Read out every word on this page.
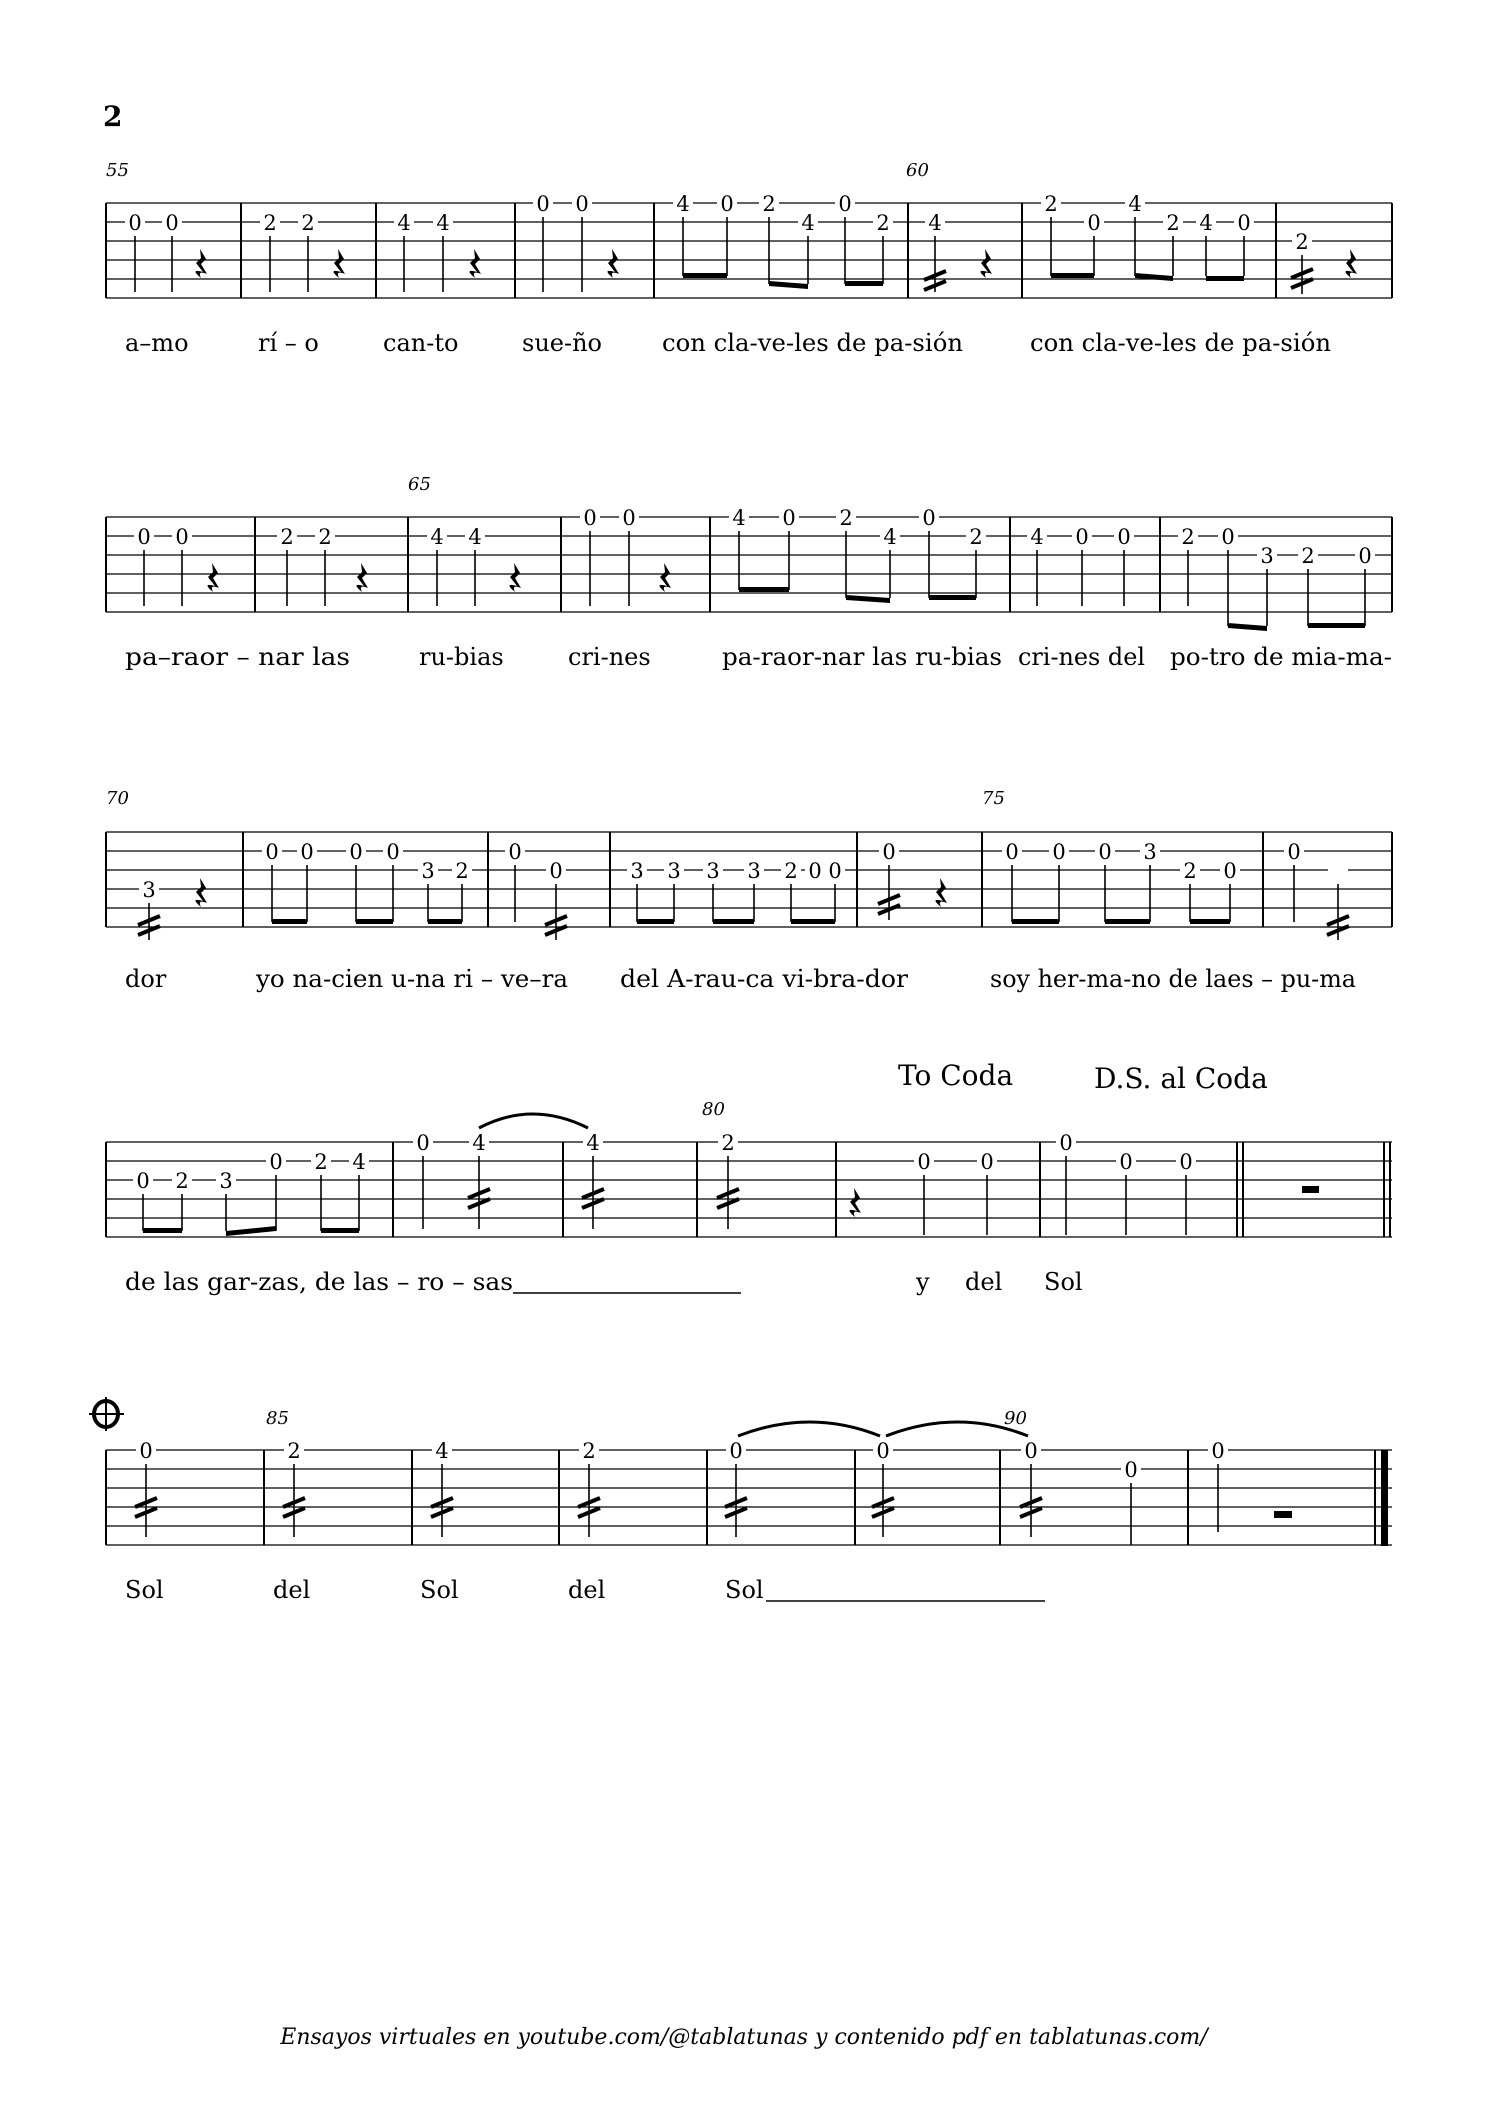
2
55	60
0 0	2 2	4 4
0 0	4 0 2
4
0
2 4
2
0
4
2 4 0
2
a–mo	rí – o	can-to	sue-ño	con cla-ve-les de pa-sión	con cla-ve-les de pa-sión
65
0 0	2 2	4 4
0 0	4 0 2
4
0
2 4 0 0 2 0
3 2 0
pa–raor – nar las	ru-bias	cri-nes	pa-raor-nar las ru-bias cri-nes del po-tro de mia-ma-
70	75
3
0 0 0 0
3 2
0
0	3 3 3 3 2 0 0
0	0 0 0 3
2 0
0
dor	yo na-cien u-na ri – ve–ra del A-rau-ca vi-bra-dor	soy her-ma-no de laes – pu-ma
To Coda	D.S. al Coda
80
0 2 3
0 2 4
0 4	4	2
0 0
0
0 0
de las gar-zas, de las – ro – sas	y del Sol
85	90
0	2	4	2	0	0	0
0
0
Sol	del	Sol	del	Sol
Ensayos virtuales en youtube.com/@tablatunas y contenido pdf en tablatunas.com/
